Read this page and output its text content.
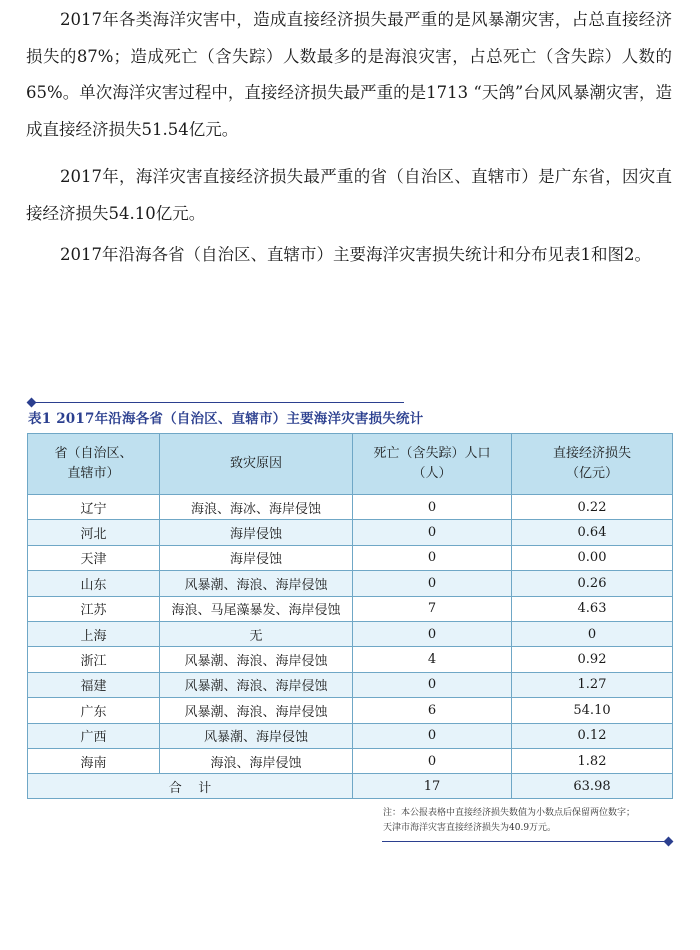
2017年各类海洋灾害中，造成直接经济损失最严重的是风暴潮灾害，占总直接经济损失的87%；造成死亡（含失踪）人数最多的是海浪灾害，占总死亡（含失踪）人数的65%。单次海洋灾害过程中，直接经济损失最严重的是1713 “天鸽”台风风暴潮灾害，造成直接经济损失51.54亿元。

2017年，海洋灾害直接经济损失最严重的省（自治区、直辖市）是广东省，因灾直接经济损失54.10亿元。

2017年沿海各省（自治区、直辖市）主要海洋灾害损失统计和分布见表1和图2。

表1 2017年沿海各省（自治区、直辖市）主要海洋灾害损失统计
省（自治区、直辖市）	致灾原因	死亡（含失踪）人口（人）	直接经济损失（亿元）

辽宁	海浪、海冰、海岸侵蚀	0	0.22
河北	海岸侵蚀	0	0.64
天津	海岸侵蚀	0	0.00
山东	风暴潮、海浪、海岸侵蚀	0	0.26
江苏	海浪、马尾藻暴发、海岸侵蚀	7	4.63
上海	无	0	0
浙江	风暴潮、海浪、海岸侵蚀	4	0.92
福建	风暴潮、海浪、海岸侵蚀	0	1.27
广东	风暴潮、海浪、海岸侵蚀	6	54.10
广西	风暴潮、海岸侵蚀	0	0.12
海南	海浪、海岸侵蚀	0	1.82
合    计		17	63.98
注：本公报表格中直接经济损失数值为小数点后保留两位数字；
天津市海洋灾害直接经济损失为40.9万元。
